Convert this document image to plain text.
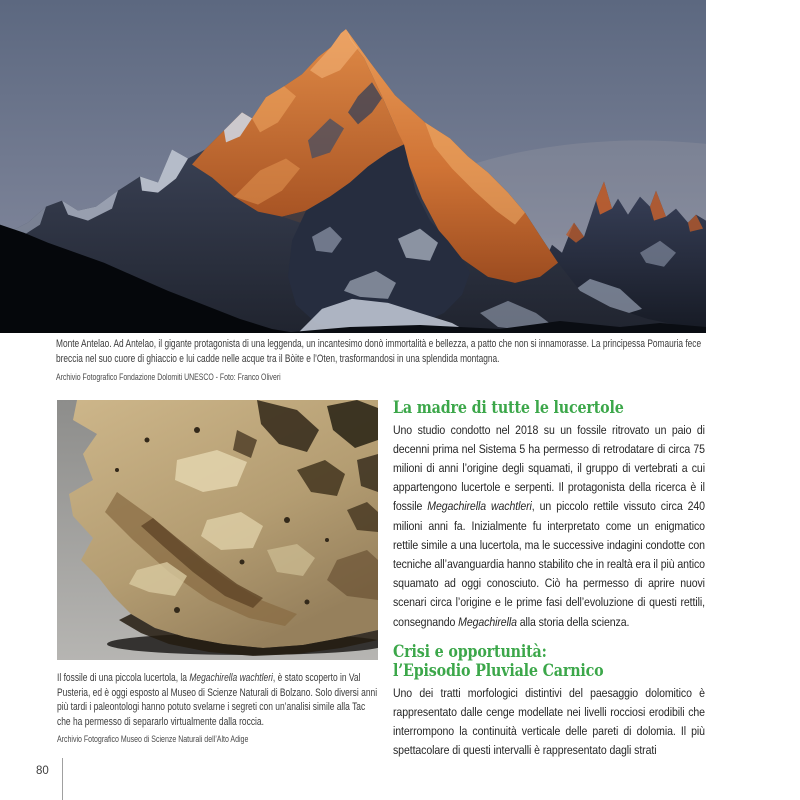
Monte Antelao. Ad Antelao, il gigante protagonista di una leggenda, un incantesimo donò immortalità e bellezza, a patto che non si innamorasse. La principessa Pomauria fece breccia nel suo cuore di ghiaccio e lui cadde nelle acque tra il Bòite e l’Oten, trasformandosi in una splendida montagna.
Archivio Fotografico Fondazione Dolomiti UNESCO - Foto: Franco Oliveri
Il fossile di una piccola lucertola, la Megachirella wachtleri, è stato scoperto in Val Pusteria, ed è oggi esposto al Museo di Scienze Naturali di Bolzano. Solo diversi anni più tardi i paleontologi hanno potuto svelarne i segreti con un’analisi simile alla Tac che ha permesso di separarlo virtualmente dalla roccia.
Archivio Fotografico Museo di Scienze Naturali dell’Alto Adige
La madre di tutte le lucertole

Uno studio condotto nel 2018 su un fossile ritrovato un paio di decenni prima nel Sistema 5 ha permesso di retrodatare di circa 75 milioni di anni l’origine degli squamati, il gruppo di vertebrati a cui appartengono lucertole e serpenti. Il protagonista della ricerca è il fossile Megachirella wachtleri, un piccolo rettile vissuto circa 240 milioni anni fa. Inizialmente fu interpretato come un enigmatico rettile simile a una lucertola, ma le successive indagini condotte con tecniche all’avanguardia hanno stabilito che in realtà era il più antico squamato ad oggi conosciuto. Ciò ha permesso di aprire nuovi scenari circa l’origine e le prime fasi dell’evoluzione di questi rettili, consegnando Megachirella alla storia della scienza.

Crisi e opportunità:
l’Episodio Pluviale Carnico

Uno dei tratti morfologici distintivi del paesaggio dolomitico è rappresentato dalle cenge modellate nei livelli rocciosi erodibili che interrompono la continuità verticale delle pareti di dolomia. Il più spettacolare di questi intervalli è rappresentato dagli strati

80
